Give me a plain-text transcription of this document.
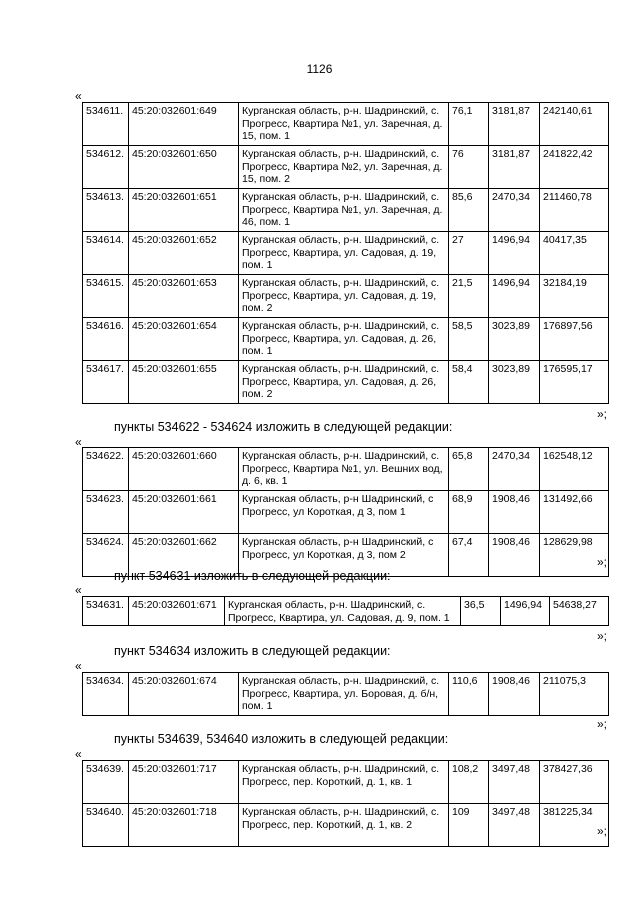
1126
«
534611.	45:20:032601:649	Курганская область, р-н. Шадринский, с. Прогресс, Квартира №1, ул. Заречная, д. 15, пом. 1	76,1	3181,87	242140,61
534612.	45:20:032601:650	Курганская область, р-н. Шадринский, с. Прогресс, Квартира №2, ул. Заречная, д. 15, пом. 2	76	3181,87	241822,42
534613.	45:20:032601:651	Курганская область, р-н. Шадринский, с. Прогресс, Квартира №1, ул. Заречная, д. 46, пом. 1	85,6	2470,34	211460,78
534614.	45:20:032601:652	Курганская область, р-н. Шадринский, с. Прогресс, Квартира, ул. Садовая, д. 19, пом. 1	27	1496,94	40417,35
534615.	45:20:032601:653	Курганская область, р-н. Шадринский, с. Прогресс, Квартира, ул. Садовая, д. 19, пом. 2	21,5	1496,94	32184,19
534616.	45:20:032601:654	Курганская область, р-н. Шадринский, с. Прогресс, Квартира, ул. Садовая, д. 26, пом. 1	58,5	3023,89	176897,56
534617.	45:20:032601:655	Курганская область, р-н. Шадринский, с. Прогресс, Квартира, ул. Садовая, д. 26, пом. 2	58,4	3023,89	176595,17
»;
пункты 534622 - 534624 изложить в следующей редакции:
«
534622.	45:20:032601:660	Курганская область, р-н. Шадринский, с. Прогресс, Квартира №1, ул. Вешних вод, д. 6, кв. 1	65,8	2470,34	162548,12
534623.	45:20:032601:661	Курганская область, р-н Шадринский, с Прогресс, ул Короткая, д 3, пом 1	68,9	1908,46	131492,66
534624.	45:20:032601:662	Курганская область, р-н Шадринский, с Прогресс, ул Короткая, д 3, пом 2	67,4	1908,46	128629,98
»;
пункт 534631 изложить в следующей редакции:
«
534631.	45:20:032601:671	Курганская область, р-н. Шадринский, с. Прогресс, Квартира, ул. Садовая, д. 9, пом. 1	36,5	1496,94	54638,27
»;
пункт 534634 изложить в следующей редакции:
«
534634.	45:20:032601:674	Курганская область, р-н. Шадринский, с. Прогресс, Квартира, ул. Боровая, д. б/н, пом. 1	110,6	1908,46	211075,3
»;
пункты 534639, 534640 изложить в следующей редакции:
«
534639.	45:20:032601:717	Курганская область, р-н. Шадринский, с. Прогресс, пер. Короткий, д. 1, кв. 1	108,2	3497,48	378427,36
534640.	45:20:032601:718	Курганская область, р-н. Шадринский, с. Прогресс, пер. Короткий, д. 1, кв. 2	109	3497,48	381225,34
»;
